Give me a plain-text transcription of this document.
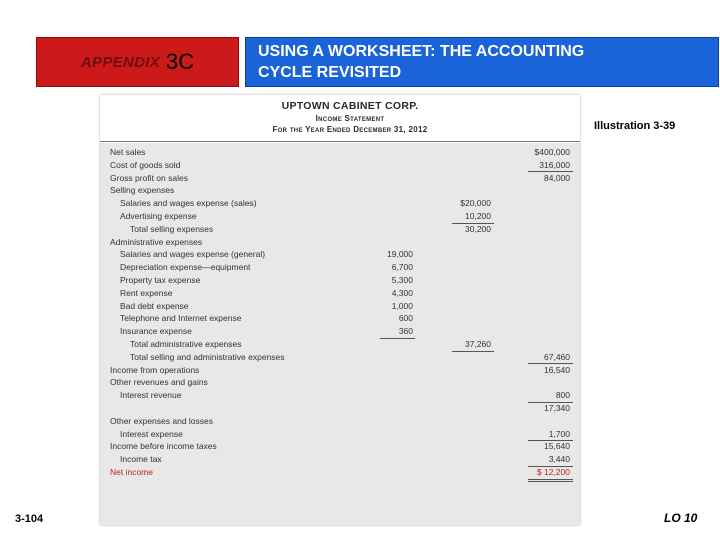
APPENDIX 3C	USING A WORKSHEET: THE ACCOUNTING
CYCLE REVISITED
UPTOWN CABINET CORP.
Income Statement
For the Year Ended December 31, 2012
Net sales	$400,000
Cost of goods sold	316,000
Gross profit on sales	84,000
Selling expenses
Salaries and wages expense (sales)	$20,000
Advertising expense	10,200
Total selling expenses	30,200
Administrative expenses
Salaries and wages expense (general)	19,000
Depreciation expense—equipment	6,700
Property tax expense	5,300
Rent expense	4,300
Bad debt expense	1,000
Telephone and Internet expense	600
Insurance expense	360
Total administrative expenses	37,260
Total selling and administrative expenses	67,460
Income from operations	16,540
Other revenues and gains
Interest revenue	800
17,340
Other expenses and losses
Interest expense	1,700
Income before income taxes	15,640
Income tax	3,440
Net income	$ 12,200
Illustration 3-39
3-104	LO 10
